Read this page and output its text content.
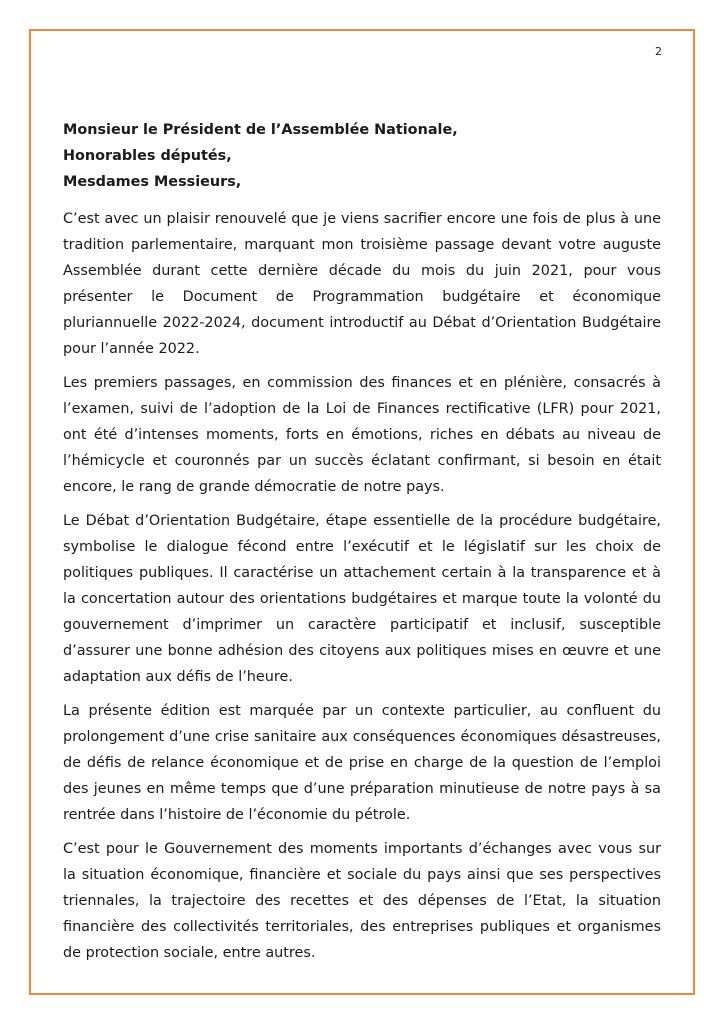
2

Monsieur le Président de l’Assemblée Nationale,

Honorables députés,

Mesdames Messieurs,

C’est avec un plaisir renouvelé que je viens sacrifier encore une fois de plus à une tradition parlementaire, marquant mon troisième passage devant votre auguste Assemblée durant cette dernière décade du mois du juin 2021, pour vous présenter le Document de Programmation budgétaire et économique pluriannuelle 2022-2024, document introductif au Débat d’Orientation Budgétaire pour l’année 2022.

Les premiers passages, en commission des finances et en plénière, consacrés à l’examen, suivi de l’adoption de la Loi de Finances rectificative (LFR) pour 2021, ont été d’intenses moments, forts en émotions, riches en débats au niveau de l’hémicycle et couronnés par un succès éclatant confirmant, si besoin en était encore, le rang de grande démocratie de notre pays.

Le Débat d’Orientation Budgétaire, étape essentielle de la procédure budgétaire, symbolise le dialogue fécond entre l’exécutif et le législatif sur les choix de politiques publiques. Il caractérise un attachement certain à la transparence et à la concertation autour des orientations budgétaires et marque toute la volonté du gouvernement d’imprimer un caractère participatif et inclusif, susceptible d’assurer une bonne adhésion des citoyens aux politiques mises en œuvre et une adaptation aux défis de l’heure.

La présente édition est marquée par un contexte particulier, au confluent du prolongement d’une crise sanitaire aux conséquences économiques désastreuses, de défis de relance économique et de prise en charge de la question de l’emploi des jeunes en même temps que d’une préparation minutieuse de notre pays à sa rentrée dans l’histoire de l’économie du pétrole.

C’est pour le Gouvernement des moments importants d’échanges avec vous sur la situation économique, financière et sociale du pays ainsi que ses perspectives triennales, la trajectoire des recettes et des dépenses de l’Etat, la situation financière des collectivités territoriales, des entreprises publiques et organismes de protection sociale, entre autres.
